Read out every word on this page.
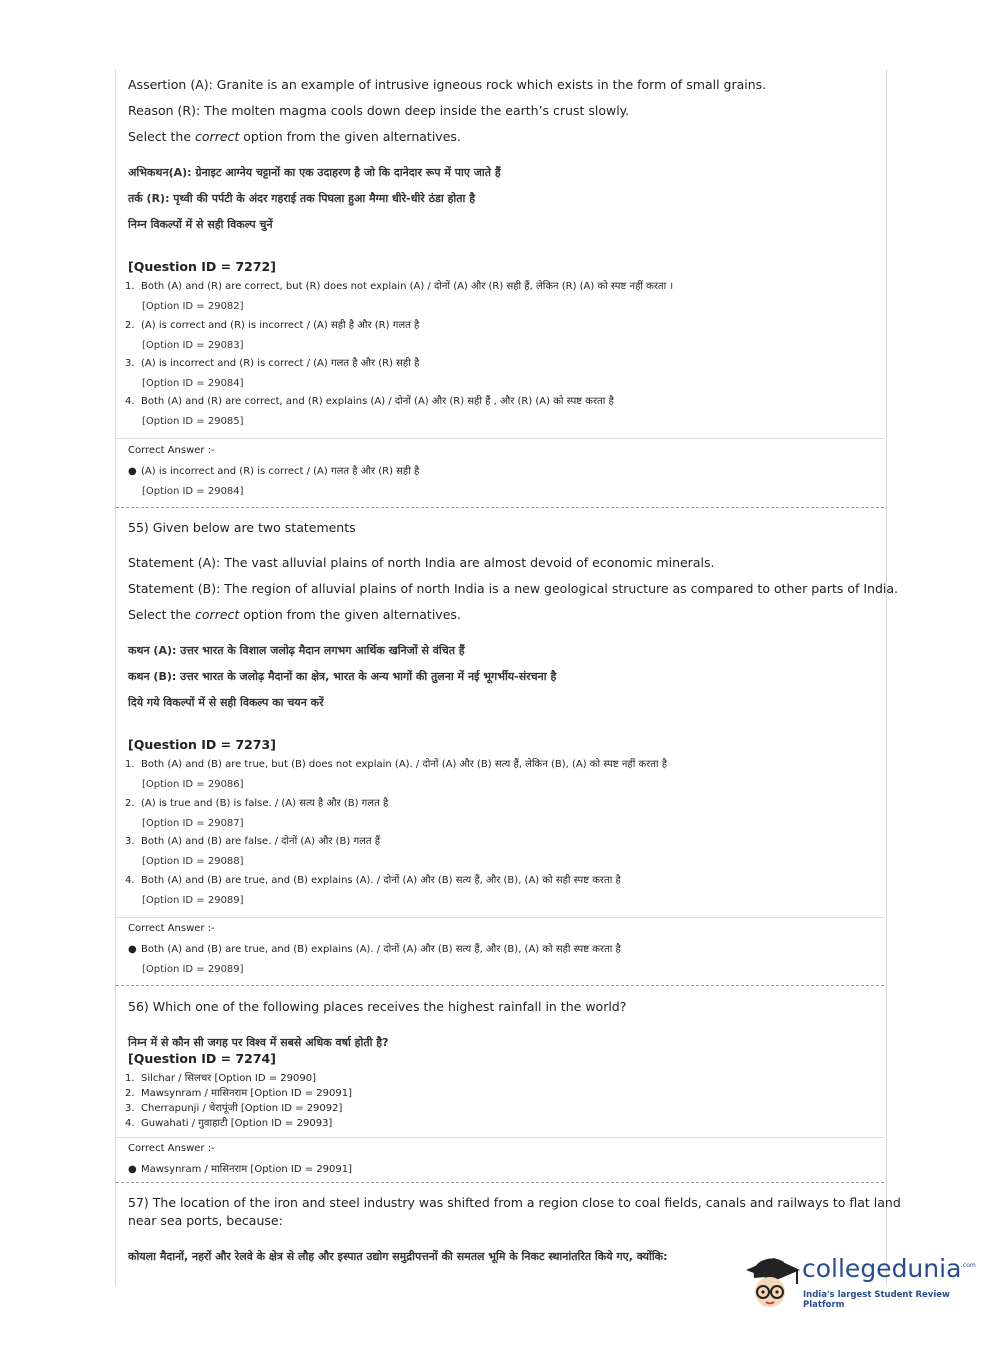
Assertion (A): Granite is an example of intrusive igneous rock which exists in the form of small grains.
Reason (R): The molten magma cools down deep inside the earth’s crust slowly.
Select the correct option from the given alternatives.
अभिकथन(A): ग्रेनाइट आग्नेय चट्टानों का एक उदाहरण है जो कि दानेदार रूप में पाए जाते हैं
तर्क (R): पृथ्वी की पर्पटी के अंदर गहराई तक पिघला हुआ मैग्मा धीरे-धीरे ठंडा होता है
निम्न विकल्पों में से सही विकल्प चुनें
[Question ID = 7272]
1. Both (A) and (R) are correct, but (R) does not explain (A) / दोनों (A) और (R) सही हैं, लेकिन (R) (A) को स्पष्ट नहीं करता ।
[Option ID = 29082]
2. (A) is correct and (R) is incorrect / (A) सही है और (R) गलत है
[Option ID = 29083]
3. (A) is incorrect and (R) is correct / (A) गलत है और (R) सही है
[Option ID = 29084]
4. Both (A) and (R) are correct, and (R) explains (A) / दोनों (A) और (R) सही हैं , और (R) (A) को स्पष्ट करता है
[Option ID = 29085]
Correct Answer :-
● (A) is incorrect and (R) is correct / (A) गलत है और (R) सही है
[Option ID = 29084]
55) Given below are two statements
Statement (A): The vast alluvial plains of north India are almost devoid of economic minerals.
Statement (B): The region of alluvial plains of north India is a new geological structure as compared to other parts of India.
Select the correct option from the given alternatives.
कथन (A): उत्तर भारत के विशाल जलोढ़ मैदान लगभग आर्थिक खनिजों से वंचित हैं
कथन (B): उत्तर भारत के जलोढ़ मैदानों का क्षेत्र, भारत के अन्य भागों की तुलना में नई भूगर्भीय-संरचना है
दिये गये विकल्पों में से सही विकल्प का चयन करें
[Question ID = 7273]
1. Both (A) and (B) are true, but (B) does not explain (A). / दोनों (A) और (B) सत्य हैं, लेकिन (B), (A) को स्पष्ट नहीं करता है
[Option ID = 29086]
2. (A) is true and (B) is false. / (A) सत्य है और (B) गलत है
[Option ID = 29087]
3. Both (A) and (B) are false. / दोनों (A) और (B) गलत हैं
[Option ID = 29088]
4. Both (A) and (B) are true, and (B) explains (A). / दोनों (A) और (B) सत्य हैं, और (B), (A) को सही स्पष्ट करता है
[Option ID = 29089]
Correct Answer :-
● Both (A) and (B) are true, and (B) explains (A). / दोनों (A) और (B) सत्य हैं, और (B), (A) को सही स्पष्ट करता है
[Option ID = 29089]
56) Which one of the following places receives the highest rainfall in the world?
निम्न में से कौन सी जगह पर विश्व में सबसे अधिक वर्षा होती है?
[Question ID = 7274]
1. Silchar / सिलचर [Option ID = 29090]
2. Mawsynram / मासिनराम [Option ID = 29091]
3. Cherrapunji / चेरापूंजी [Option ID = 29092]
4. Guwahati / गुवाहाटी [Option ID = 29093]
Correct Answer :-
● Mawsynram / मासिनराम [Option ID = 29091]
57) The location of the iron and steel industry was shifted from a region close to coal fields, canals and railways to flat land
near sea ports, because:
कोयला मैदानों, नहरों और रेलवे के क्षेत्र से लौह और इस्पात उद्योग समुद्रीपत्तनों की समतल भूमि के निकट स्थानांतरित किये गए, क्योंकि:	collegedunia .com
India's largest Student Review Platform
